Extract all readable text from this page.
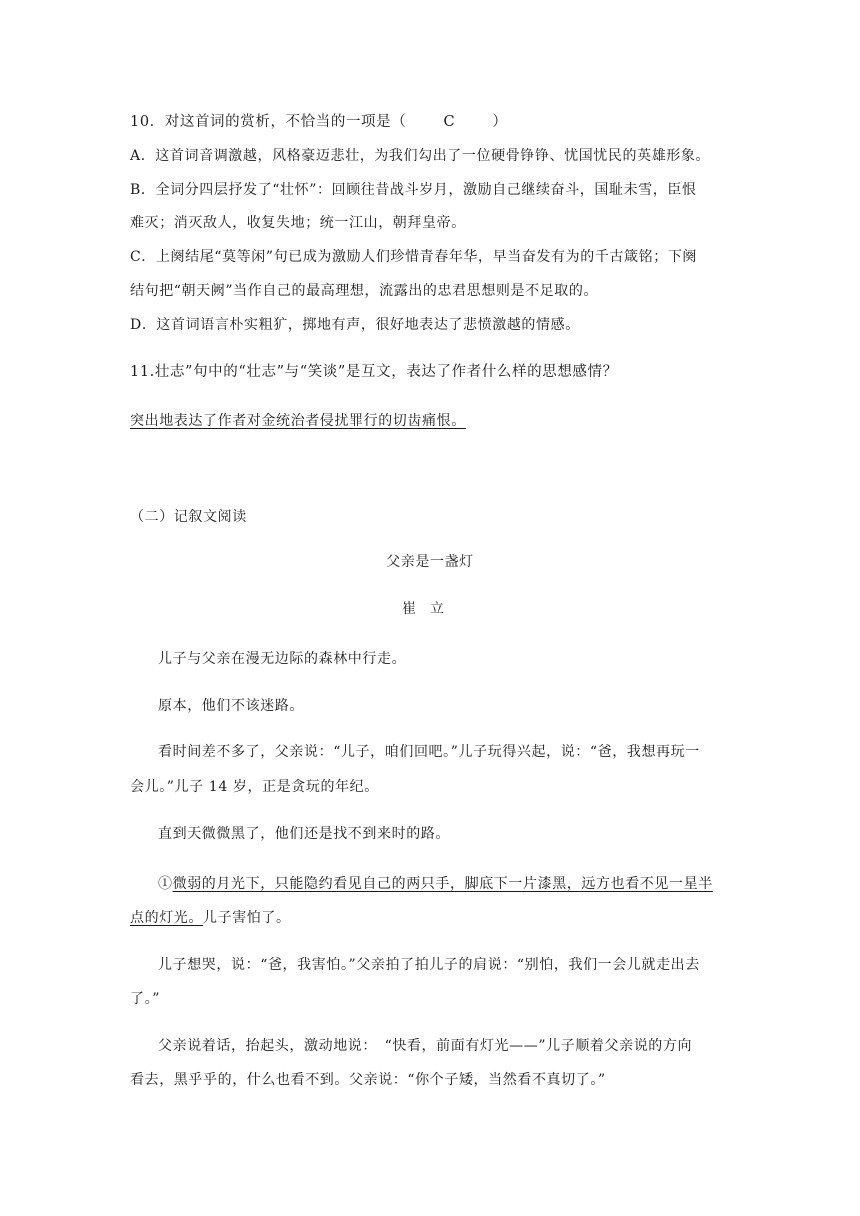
10．对这首词的赏析，不恰当的一项是（	C	）
A．这首词音调激越，风格豪迈悲壮，为我们勾出了一位硬骨铮铮、忧国忧民的英雄形象。
B．全词分四层抒发了“壮怀”：回顾往昔战斗岁月，激励自己继续奋斗，国耻未雪，臣恨
难灭；消灭敌人，收复失地；统一江山，朝拜皇帝。
C．上阕结尾“莫等闲”句已成为激励人们珍惜青春年华，早当奋发有为的千古箴铭；下阕
结句把“朝天阙”当作自己的最高理想，流露出的忠君思想则是不足取的。
D．这首词语言朴实粗犷，掷地有声，很好地表达了悲愤激越的情感。
11.壮志”句中的“壮志”与“笑谈”是互文，表达了作者什么样的思想感情？
突出地表达了作者对金统治者侵扰罪行的切齿痛恨。
（二）记叙文阅读
父亲是一盏灯
崔立
儿子与父亲在漫无边际的森林中行走。
原本，他们不该迷路。
看时间差不多了，父亲说：“儿子，咱们回吧。”儿子玩得兴起，说：“爸，我想再玩一
会儿。”儿子 14 岁，正是贪玩的年纪。
直到天微微黑了，他们还是找不到来时的路。
①微弱的月光下，只能隐约看见自己的两只手，脚底下一片漆黑，远方也看不见一星半
点的灯光。儿子害怕了。
儿子想哭，说：“爸，我害怕。”父亲拍了拍儿子的肩说：“别怕，我们一会儿就走出去
了。”
父亲说着话，抬起头，激动地说：　“快看，前面有灯光——”儿子顺着父亲说的方向
看去，黑乎乎的，什么也看不到。父亲说：“你个子矮，当然看不真切了。”
